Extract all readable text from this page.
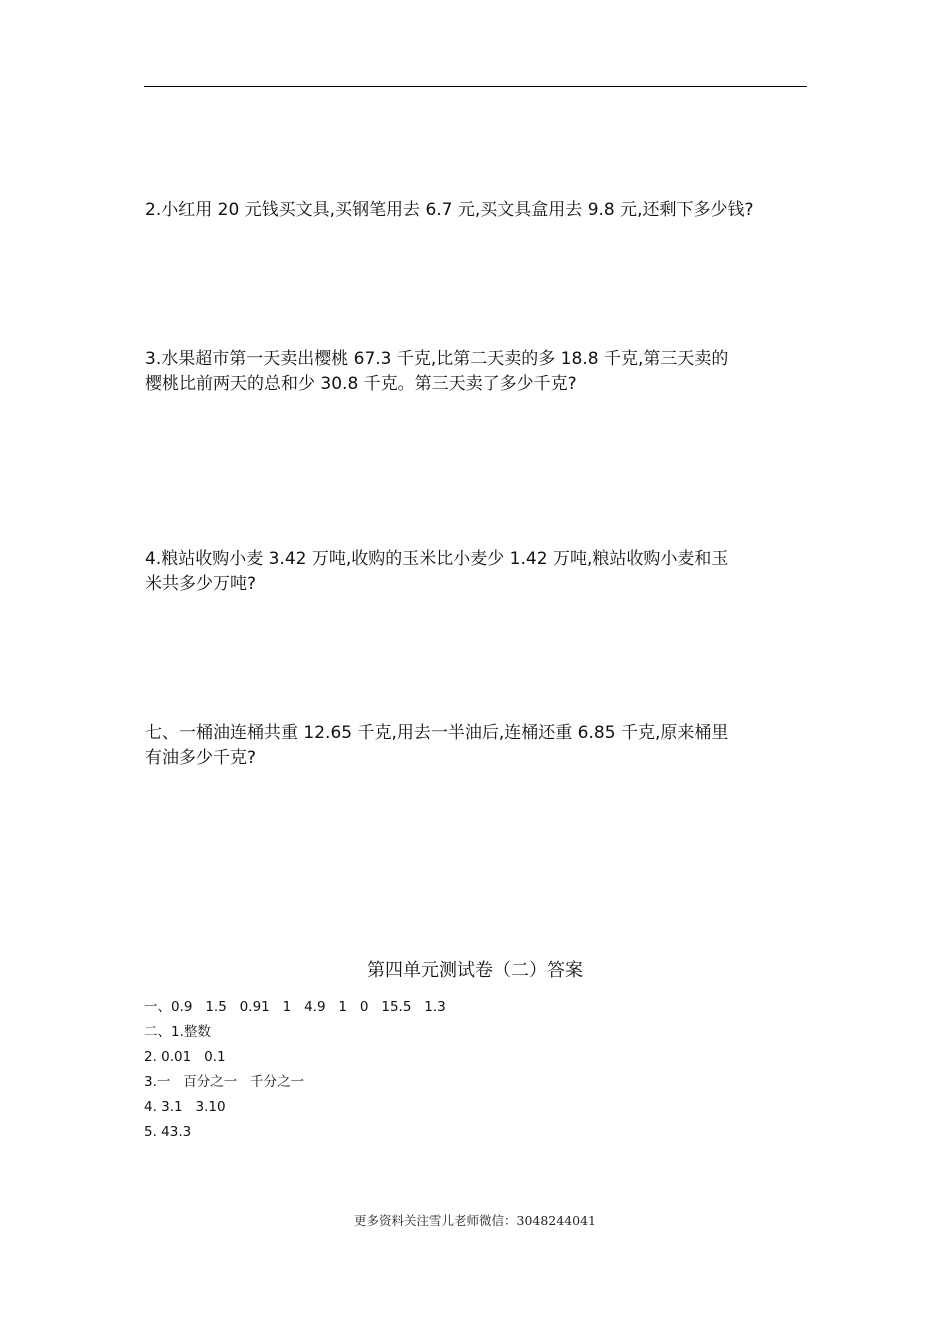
2.小红用 20 元钱买文具,买钢笔用去 6.7 元,买文具盒用去 9.8 元,还剩下多少钱?
3.水果超市第一天卖出樱桃 67.3 千克,比第二天卖的多 18.8 千克,第三天卖的
樱桃比前两天的总和少 30.8 千克。第三天卖了多少千克?
4.粮站收购小麦 3.42 万吨,收购的玉米比小麦少 1.42 万吨,粮站收购小麦和玉
米共多少万吨?
七、一桶油连桶共重 12.65 千克,用去一半油后,连桶还重 6.85 千克,原来桶里
有油多少千克?
第四单元测试卷（二）答案
一、0.9   1.5   0.91   1   4.9   1   0   15.5   1.3
二、1.整数
2. 0.01   0.1
3.一   百分之一   千分之一
4. 3.1   3.10
5. 43.3
更多资料关注雪儿老师微信：3048244041
